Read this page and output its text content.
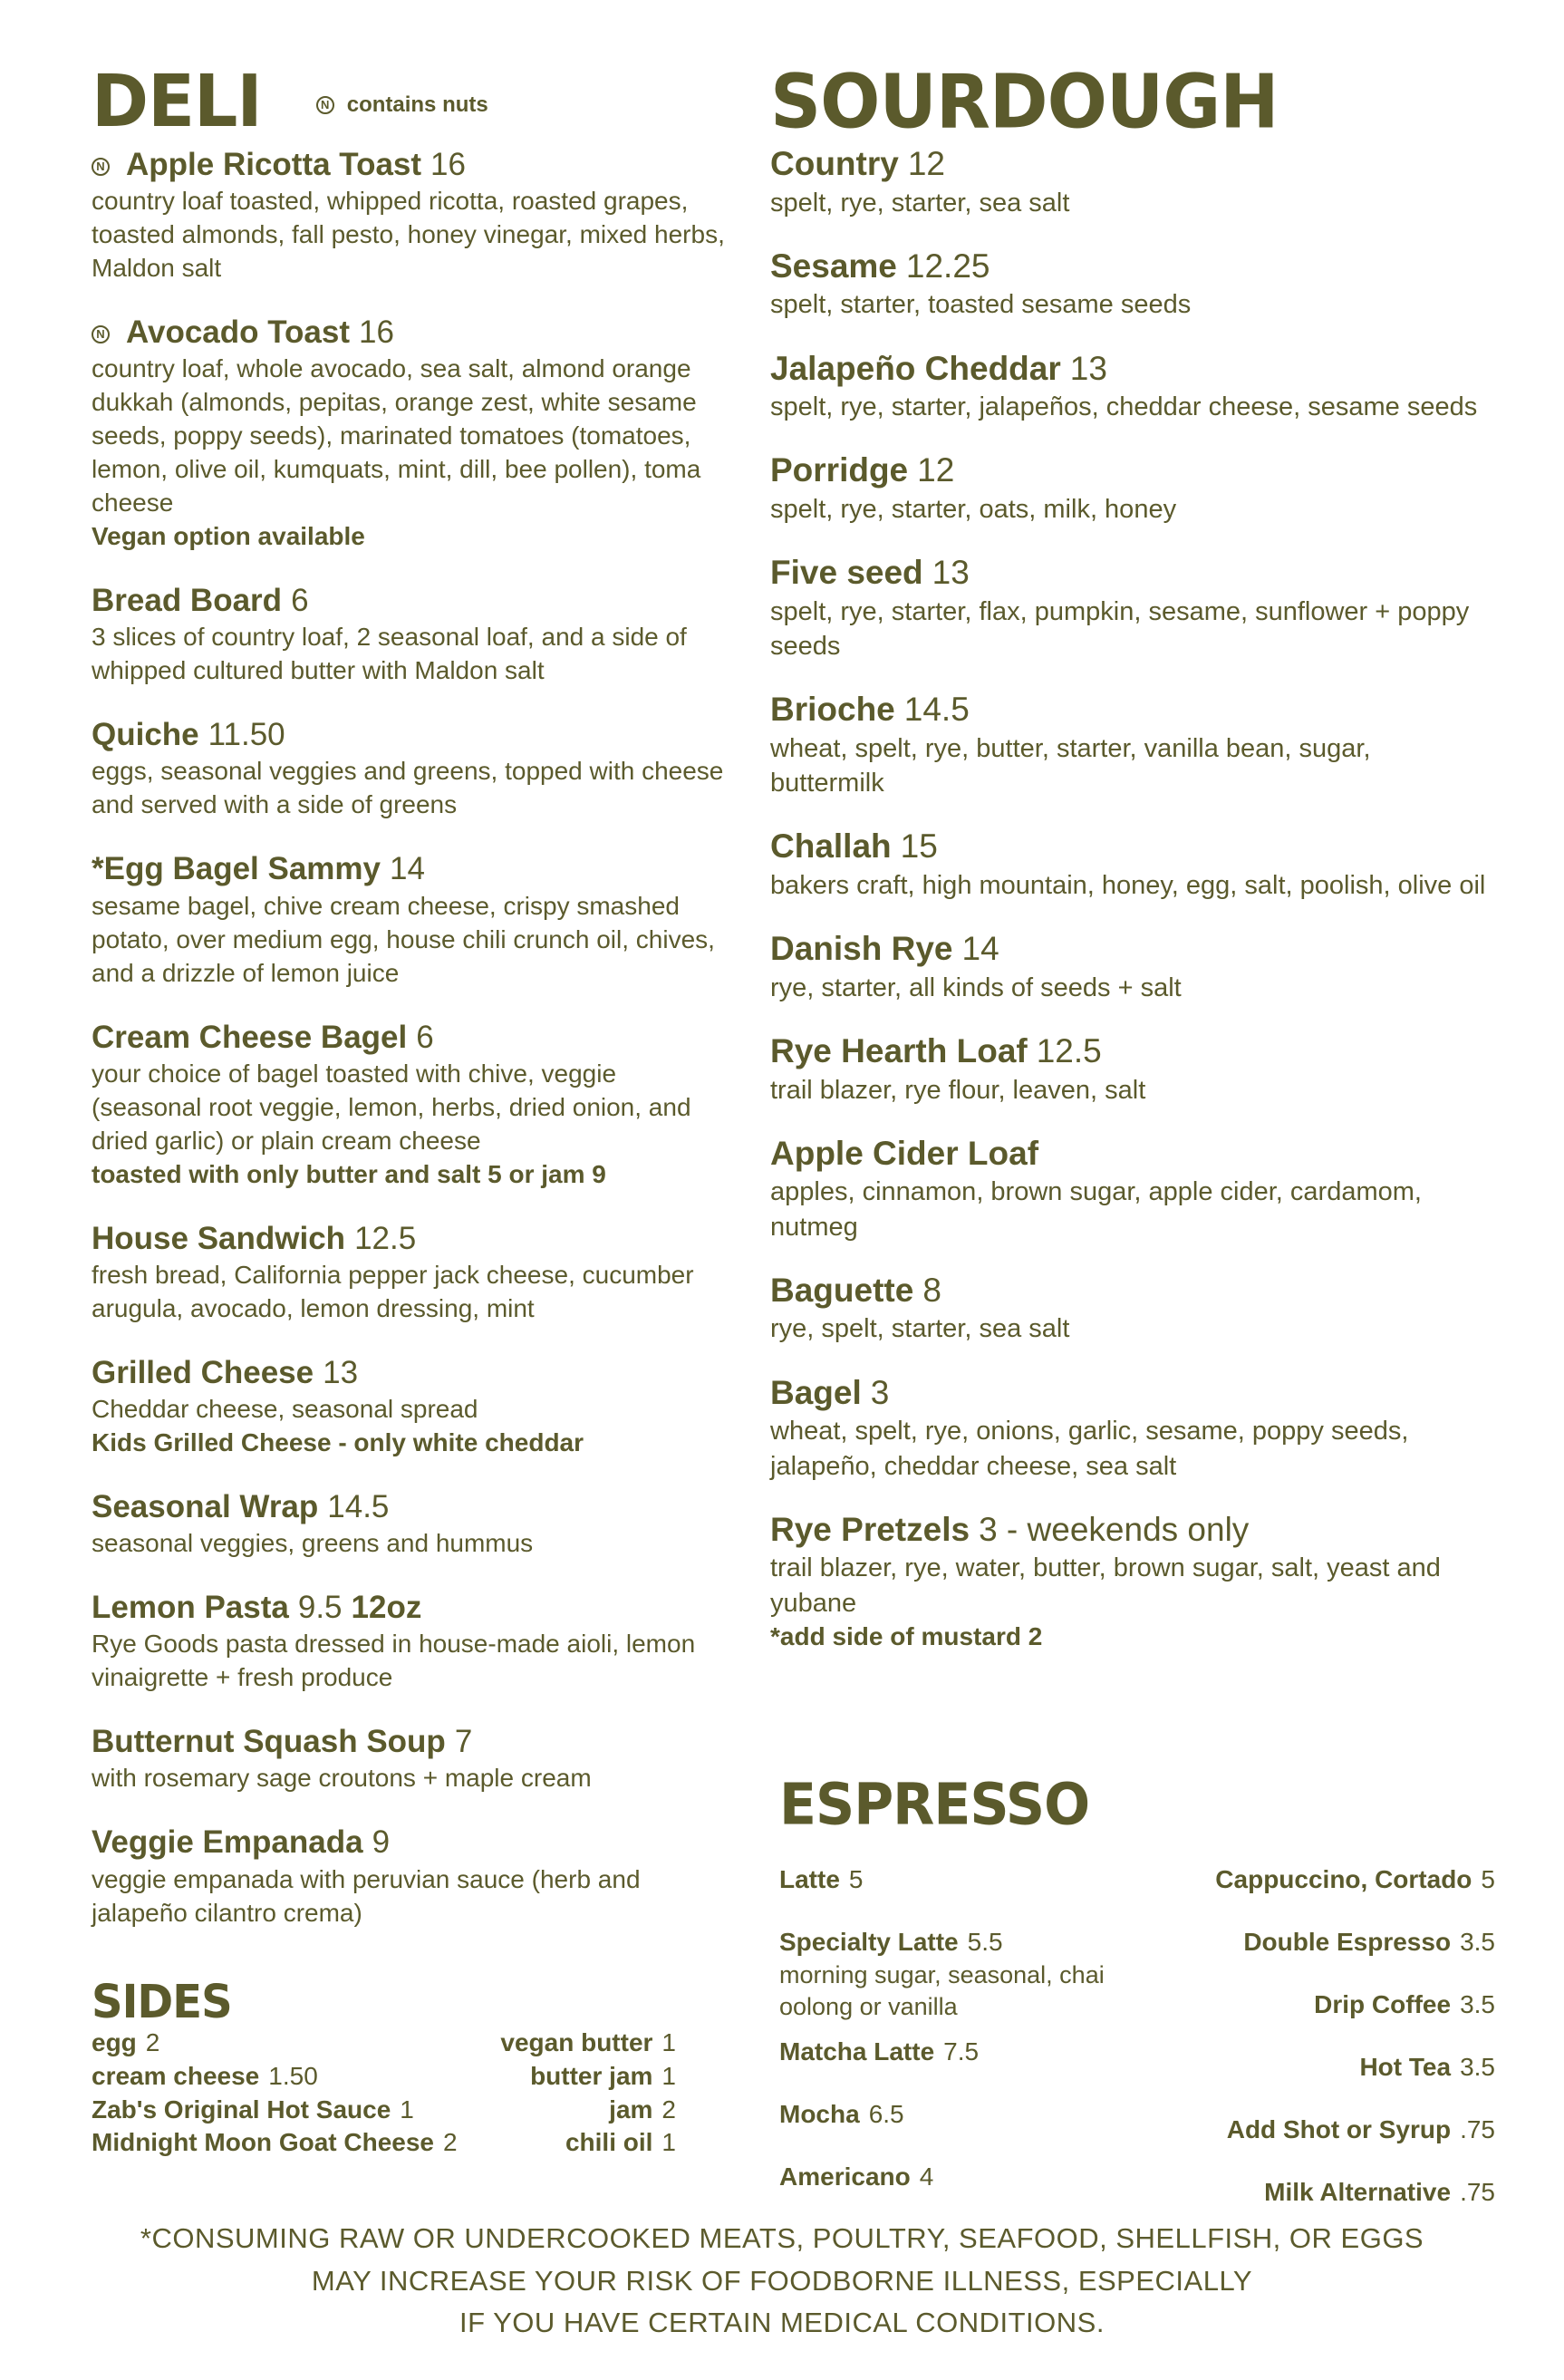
DELI	N contains nuts
N Apple Ricotta Toast 16

country loaf toasted, whipped ricotta, roasted grapes, toasted almonds, fall pesto, honey vinegar, mixed herbs, Maldon salt

N Avocado Toast 16

country loaf, whole avocado, sea salt, almond orange dukkah (almonds, pepitas, orange zest, white sesame seeds, poppy seeds), marinated tomatoes (tomatoes, lemon, olive oil, kumquats, mint, dill, bee pollen), toma cheese

Vegan option available

Bread Board 6

3 slices of country loaf, 2 seasonal loaf, and a side of whipped cultured butter with Maldon salt

Quiche 11.50

eggs, seasonal veggies and greens, topped with cheese and served with a side of greens

*Egg Bagel Sammy 14

sesame bagel, chive cream cheese, crispy smashed potato, over medium egg, house chili crunch oil, chives, and a drizzle of lemon juice

Cream Cheese Bagel 6

your choice of bagel toasted with chive, veggie (seasonal root veggie, lemon, herbs, dried onion, and dried garlic) or plain cream cheese

toasted with only butter and salt 5 or jam 9

House Sandwich 12.5

fresh bread, California pepper jack cheese, cucumber arugula, avocado, lemon dressing, mint

Grilled Cheese 13

Cheddar cheese, seasonal spread

Kids Grilled Cheese - only white cheddar

Seasonal Wrap 14.5

seasonal veggies, greens and hummus

Lemon Pasta 9.5 12oz

Rye Goods pasta dressed in house-made aioli, lemon vinaigrette + fresh produce

Butternut Squash Soup 7

with rosemary sage croutons + maple cream

Veggie Empanada 9

veggie empanada with peruvian sauce (herb and jalapeño cilantro crema)

SIDES
egg 2
cream cheese 1.50
Zab's Original Hot Sauce 1
Midnight Moon Goat Cheese 2
vegan butter 1
butter jam 1
jam 2
chili oil 1
SOURDOUGH
Country 12

spelt, rye, starter, sea salt

Sesame 12.25

spelt, starter, toasted sesame seeds

Jalapeño Cheddar 13

spelt, rye, starter, jalapeños, cheddar cheese, sesame seeds

Porridge 12

spelt, rye, starter, oats, milk, honey

Five seed 13

spelt, rye, starter, flax, pumpkin, sesame, sunflower + poppy seeds

Brioche 14.5

wheat, spelt, rye, butter, starter, vanilla bean, sugar, buttermilk

Challah 15

bakers craft, high mountain, honey, egg, salt, poolish, olive oil

Danish Rye 14

rye, starter, all kinds of seeds + salt

Rye Hearth Loaf 12.5

trail blazer, rye flour, leaven, salt

Apple Cider Loaf

apples, cinnamon, brown sugar, apple cider, cardamom, nutmeg

Baguette 8

rye, spelt, starter, sea salt

Bagel 3

wheat, spelt, rye, onions, garlic, sesame, poppy seeds, jalapeño, cheddar cheese, sea salt

Rye Pretzels 3 - weekends only

trail blazer, rye, water, butter, brown sugar, salt, yeast and yubane

*add side of mustard 2

ESPRESSO
Latte 5
Specialty Latte 5.5
morning sugar, seasonal, chai oolong or vanilla
Matcha Latte 7.5
Mocha 6.5
Americano 4
Cappuccino, Cortado 5
Double Espresso 3.5
Drip Coffee 3.5
Hot Tea 3.5
Add Shot or Syrup .75
Milk Alternative .75
*CONSUMING RAW OR UNDERCOOKED MEATS, POULTRY, SEAFOOD, SHELLFISH, OR EGGS
MAY INCREASE YOUR RISK OF FOODBORNE ILLNESS, ESPECIALLY
IF YOU HAVE CERTAIN MEDICAL CONDITIONS.
